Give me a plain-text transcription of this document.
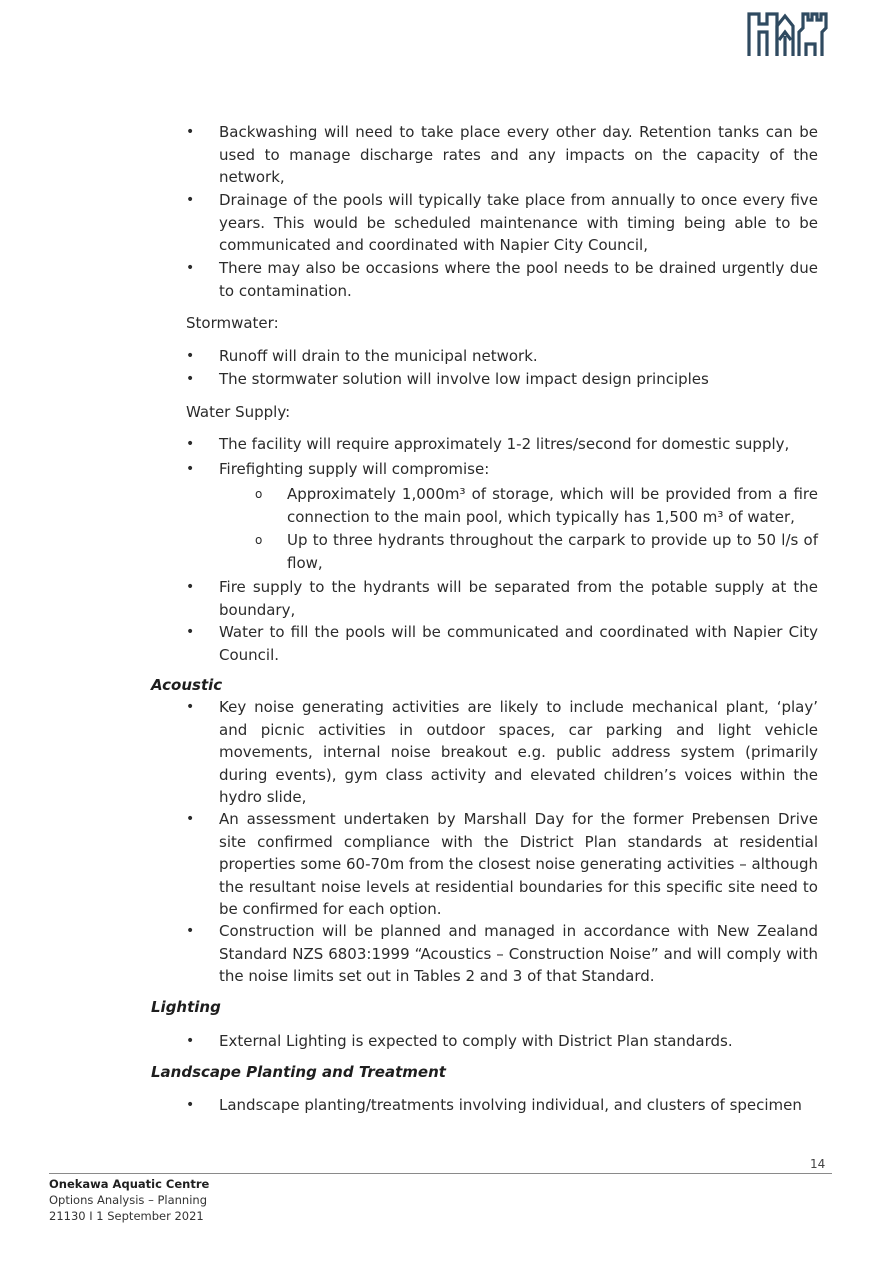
• Backwashing will need to take place every other day. Retention tanks can be used to manage discharge rates and any impacts on the capacity of the network,
• Drainage of the pools will typically take place from annually to once every five years. This would be scheduled maintenance with timing being able to be communicated and coordinated with Napier City Council,
• There may also be occasions where the pool needs to be drained urgently due to contamination.
Stormwater:
• Runoff will drain to the municipal network.
• The stormwater solution will involve low impact design principles
Water Supply:
• The facility will require approximately 1-2 litres/second for domestic supply,
• Firefighting supply will compromise:
o Approximately 1,000m³ of storage, which will be provided from a fire connection to the main pool, which typically has 1,500 m³ of water,
o Up to three hydrants throughout the carpark to provide up to 50 l/s of flow,
• Fire supply to the hydrants will be separated from the potable supply at the boundary,
• Water to fill the pools will be communicated and coordinated with Napier City Council.
Acoustic
• Key noise generating activities are likely to include mechanical plant, ‘play’ and picnic activities in outdoor spaces, car parking and light vehicle movements, internal noise breakout e.g. public address system (primarily during events), gym class activity and elevated children’s voices within the hydro slide,
• An assessment undertaken by Marshall Day for the former Prebensen Drive site confirmed compliance with the District Plan standards at residential properties some 60-70m from the closest noise generating activities – although the resultant noise levels at residential boundaries for this specific site need to be confirmed for each option.
• Construction will be planned and managed in accordance with New Zealand Standard NZS 6803:1999 “Acoustics – Construction Noise” and will comply with the noise limits set out in Tables 2 and 3 of that Standard.
Lighting
• External Lighting is expected to comply with District Plan standards.
Landscape Planting and Treatment
• Landscape planting/treatments involving individual, and clusters of specimen
14
Onekawa Aquatic Centre
Options Analysis – Planning
21130 I 1 September 2021
